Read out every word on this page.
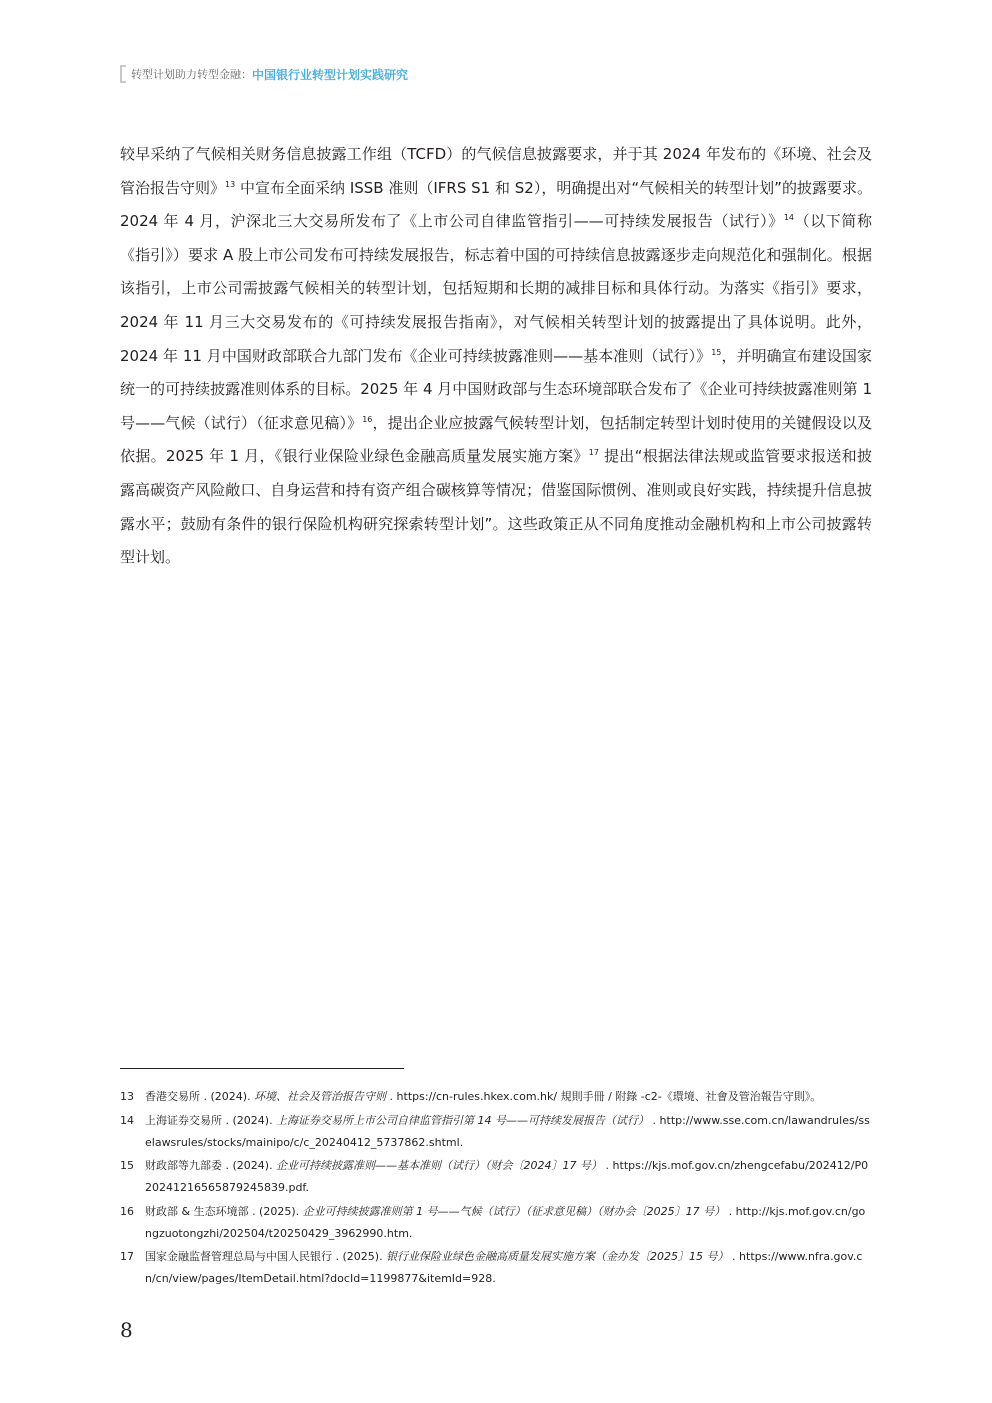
转型计划助力转型金融： 中国银行业转型计划实践研究
较早采纳了气候相关财务信息披露工作组（TCFD）的气候信息披露要求，并于其 2024 年发布的《环境、社会及管治报告守则》$^{13}$ 中宣布全面采纳 ISSB 准则（IFRS S1 和 S2），明确提出对“气候相关的转型计划”的披露要求。2024 年 4 月，沪深北三大交易所发布了《上市公司自律监管指引——可持续发展报告（试行）》$^{14}$（以下简称《指引》）要求 A 股上市公司发布可持续发展报告，标志着中国的可持续信息披露逐步走向规范化和强制化。根据该指引，上市公司需披露气候相关的转型计划，包括短期和长期的减排目标和具体行动。为落实《指引》要求， 2024 年 11 月三大交易发布的《可持续发展报告指南》，对气候相关转型计划的披露提出了具体说明。此外，2024 年 11 月中国财政部联合九部门发布《企业可持续披露准则——基本准则（试行）》$^{15}$，并明确宣布建设国家统一的可持续披露准则体系的目标。2025 年 4 月中国财政部与生态环境部联合发布了《企业可持续披露准则第 1 号——气候（试行）（征求意见稿）》$^{16}$，提出企业应披露气候转型计划，包括制定转型计划时使用的关键假设以及依据。2025 年 1 月，《银行业保险业绿色金融高质量发展实施方案》$^{17}$ 提出“根据法律法规或监管要求报送和披露高碳资产风险敞口、自身运营和持有资产组合碳核算等情况；借鉴国际惯例、准则或良好实践，持续提升信息披露水平；鼓励有条件的银行保险机构研究探索转型计划”。这些政策正从不同角度推动金融机构和上市公司披露转型计划。
13	香港交易所 . (2024). 环境、社会及管治报告守则 . https://cn-rules.hkex.com.hk/ 規則手冊 / 附錄 -c2-《環境、社會及管治報告守則》。
14	上海证券交易所 . (2024). 上海证券交易所上市公司自律监管指引第 14 号——可持续发展报告（试行） . http://www.sse.com.cn/lawandrules/sselawsrules/stocks/mainipo/c/c_20240412_5737862.shtml.
15	财政部等九部委 . (2024). 企业可持续披露准则——基本准则（试行）（财会〔2024〕17 号） . https://kjs.mof.gov.cn/zhengcefabu/202412/P020241216565879245839.pdf.
16	财政部 & 生态环境部 . (2025). 企业可持续披露准则第 1 号——气候（试行）（征求意见稿）（财办会〔2025〕17 号） . http://kjs.mof.gov.cn/gongzuotongzhi/202504/t20250429_3962990.htm.
17	国家金融监督管理总局与中国人民银行 . (2025). 银行业保险业绿色金融高质量发展实施方案（金办发〔2025〕15 号） . https://www.nfra.gov.cn/cn/view/pages/ItemDetail.html?docId=1199877&itemId=928.
8
